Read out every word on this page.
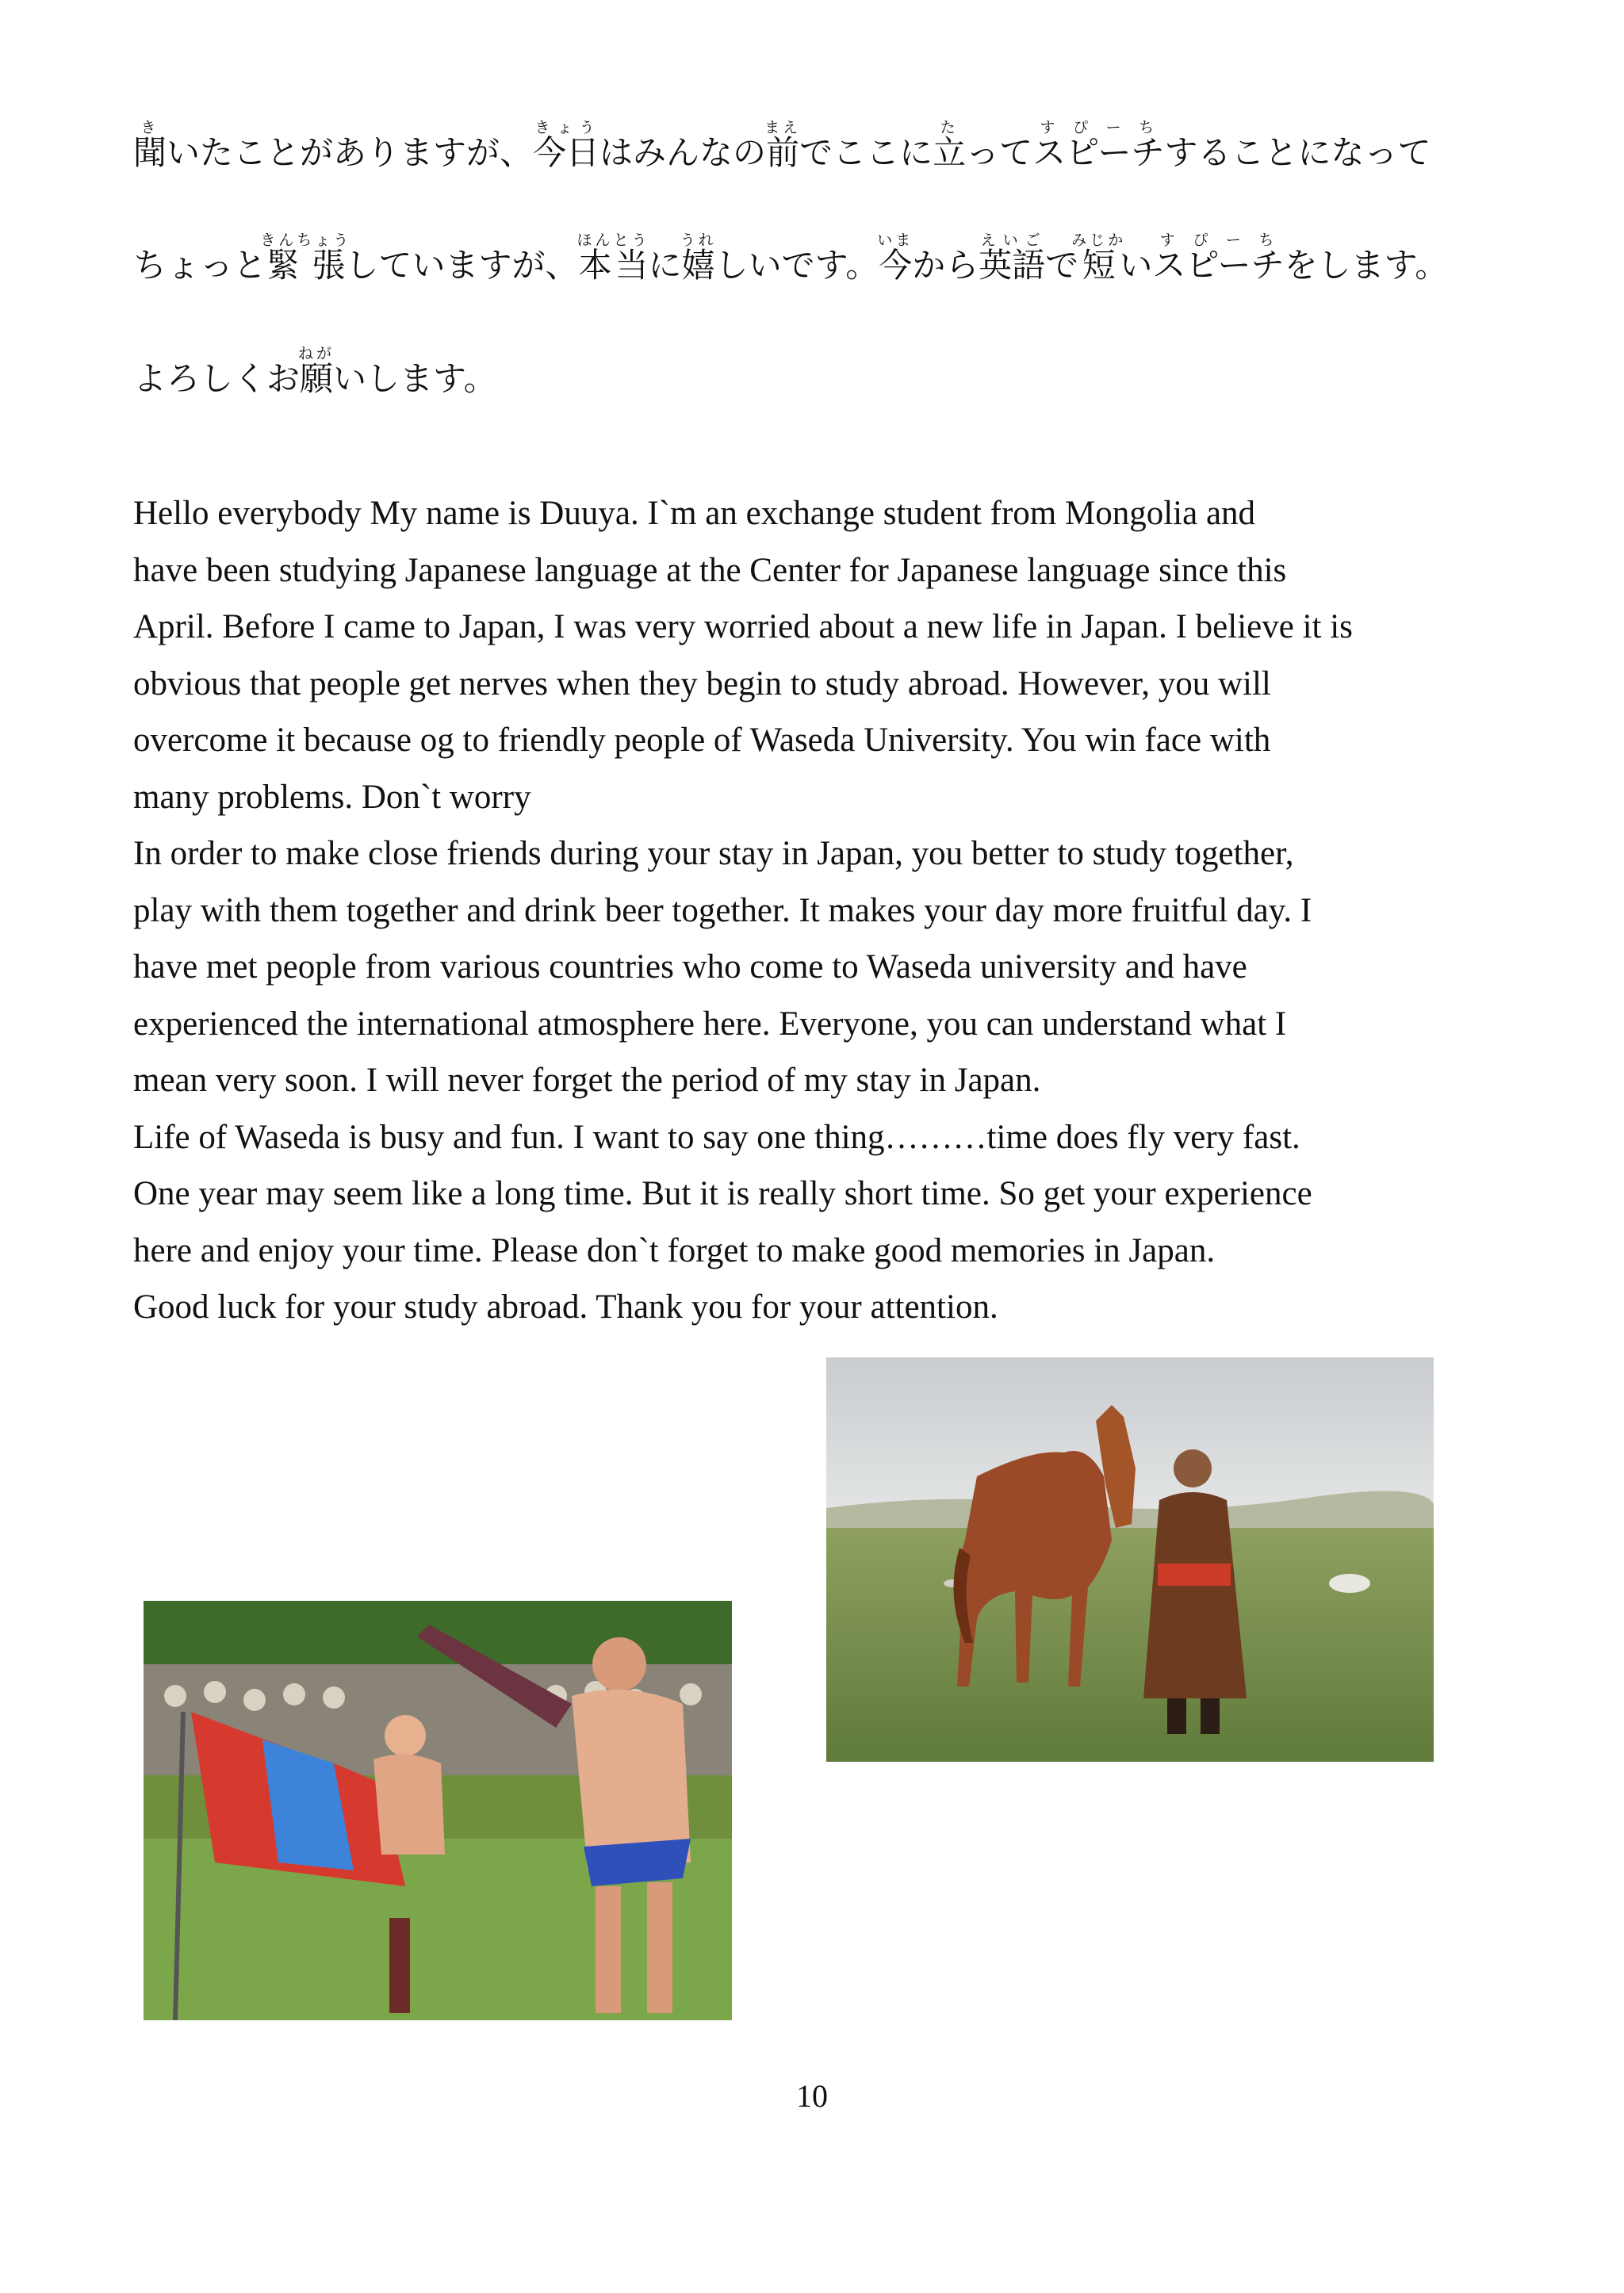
聞きいたことがありますが、今日きょうはみんなの前まえでここに立たってスピーチすぴーちすることになって
ちょっと緊張きんちょうしていますが、本当ほんとうに嬉うれしいです。今いまから英語えいごで短みじかいスピーチすぴーちをします。
よろしくお願ねがいします。

Hello everybody My name is Duuya. I`m an exchange student from Mongolia and

have been studying Japanese language at the Center for Japanese language since this

April. Before I came to Japan, I was very worried about a new life in Japan. I believe it is

obvious that people get nerves when they begin to study abroad. However, you will

overcome it because og to friendly people of Waseda University. You win face with

many problems. Don`t worry

In order to make close friends during your stay in Japan, you better to study together,

play with them together and drink beer together. It makes your day more fruitful day. I

have met people from various countries who come to Waseda university and have

experienced the international atmosphere here. Everyone, you can understand what I

mean very soon. I will never forget the period of my stay in Japan.

Life of Waseda is busy and fun. I want to say one thing………time does fly very fast.

One year may seem like a long time. But it is really short time. So get your experience

here and enjoy your time. Please don`t forget to make good memories in Japan.

Good luck for your study abroad. Thank you for your attention.

10
